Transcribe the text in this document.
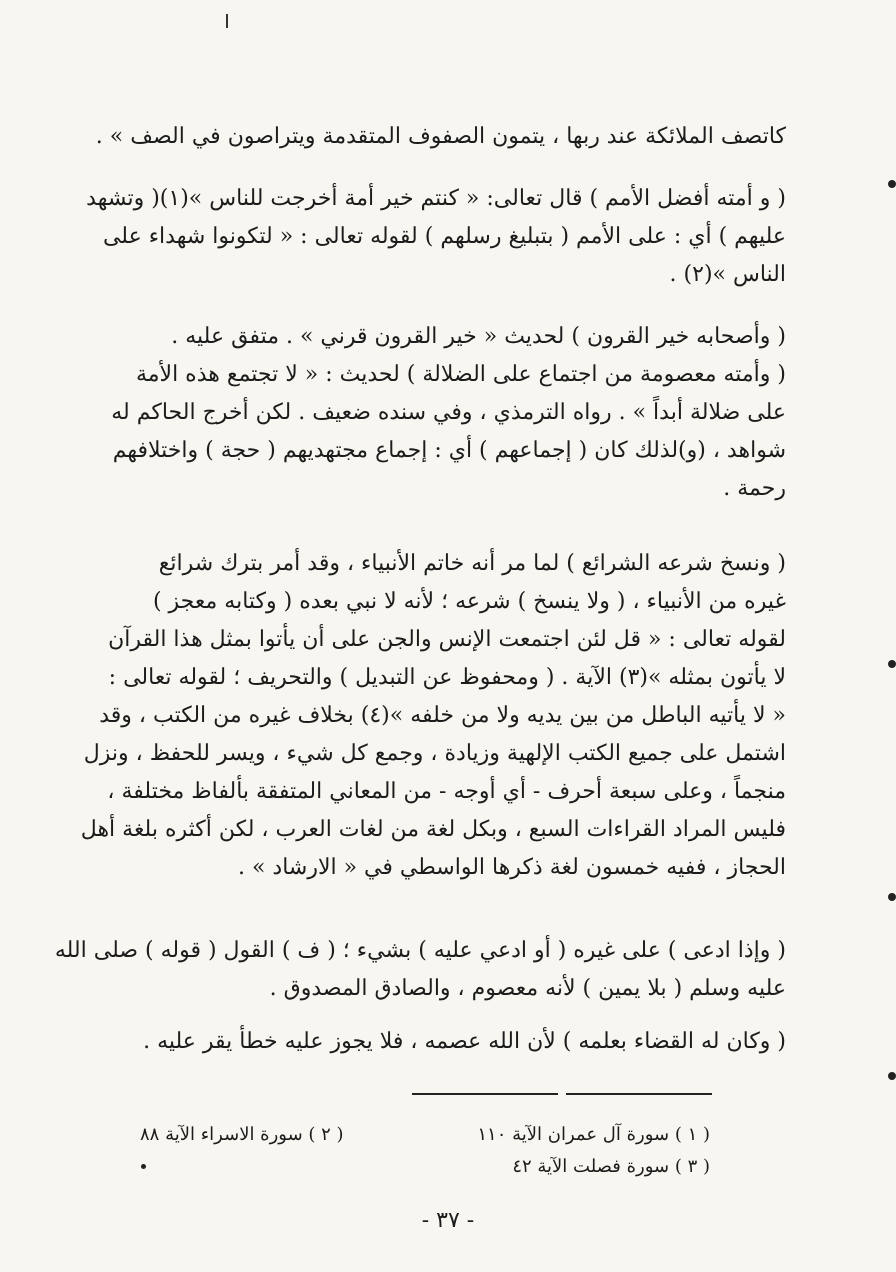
كاتصف الملائكة عند ربها ، يتمون الصفوف المتقدمة ويتراصون في الصف » .
( و أمته أفضل الأمم ) قال تعالى: « كنتم خير أمة أخرجت للناس »(١)( وتشهد
عليهم ) أي : على الأمم ( بتبليغ رسلهم ) لقوله تعالى : « لتكونوا شهداء على
الناس »(٢) .
( وأصحابه خير القرون ) لحديث « خير القرون قرني » . متفق عليه .
( وأمته معصومة من اجتماع على الضلالة ) لحديث : « لا تجتمع هذه الأمة
على ضلالة أبداً » . رواه الترمذي ، وفي سنده ضعيف . لكن أخرج الحاكم له
شواهد ، (و)لذلك كان ( إجماعهم ) أي : إجماع مجتهديهم ( حجة ) واختلافهم
رحمة .
( ونسخ شرعه الشرائع ) لما مر أنه خاتم الأنبياء ، وقد أمر بترك شرائع
غيره من الأنبياء ، ( ولا ينسخ ) شرعه ؛ لأنه لا نبي بعده ( وكتابه معجز )
لقوله تعالى : « قل لئن اجتمعت الإنس والجن على أن يأتوا بمثل هذا القرآن
لا يأتون بمثله »(٣) الآية . ( ومحفوظ عن التبديل ) والتحريف ؛ لقوله تعالى :
« لا يأتيه الباطل من بين يديه ولا من خلفه »(٤) بخلاف غيره من الكتب ، وقد
اشتمل على جميع الكتب الإلهية وزيادة ، وجمع كل شيء ، ويسر للحفظ ، ونزل
منجماً ، وعلى سبعة أحرف - أي أوجه - من المعاني المتفقة بألفاظ مختلفة ،
فليس المراد القراءات السبع ، وبكل لغة من لغات العرب ، لكن أكثره بلغة أهل
الحجاز ، ففيه خمسون لغة ذكرها الواسطي في « الارشاد » .
( وإذا ادعى ) على غيره ( أو ادعي عليه ) بشيء ؛ ( ف ) القول ( قوله ) صلى الله
عليه وسلم ( بلا يمين ) لأنه معصوم ، والصادق المصدوق .
( وكان له القضاء بعلمه ) لأن الله عصمه ، فلا يجوز عليه خطأ يقر عليه .
( ١ ) سورة آل عمران الآية ١١٠
( ٢ ) سورة الاسراء الآية ٨٨
( ٣ ) سورة فصلت الآية ٤٢
- ٣٧ -
